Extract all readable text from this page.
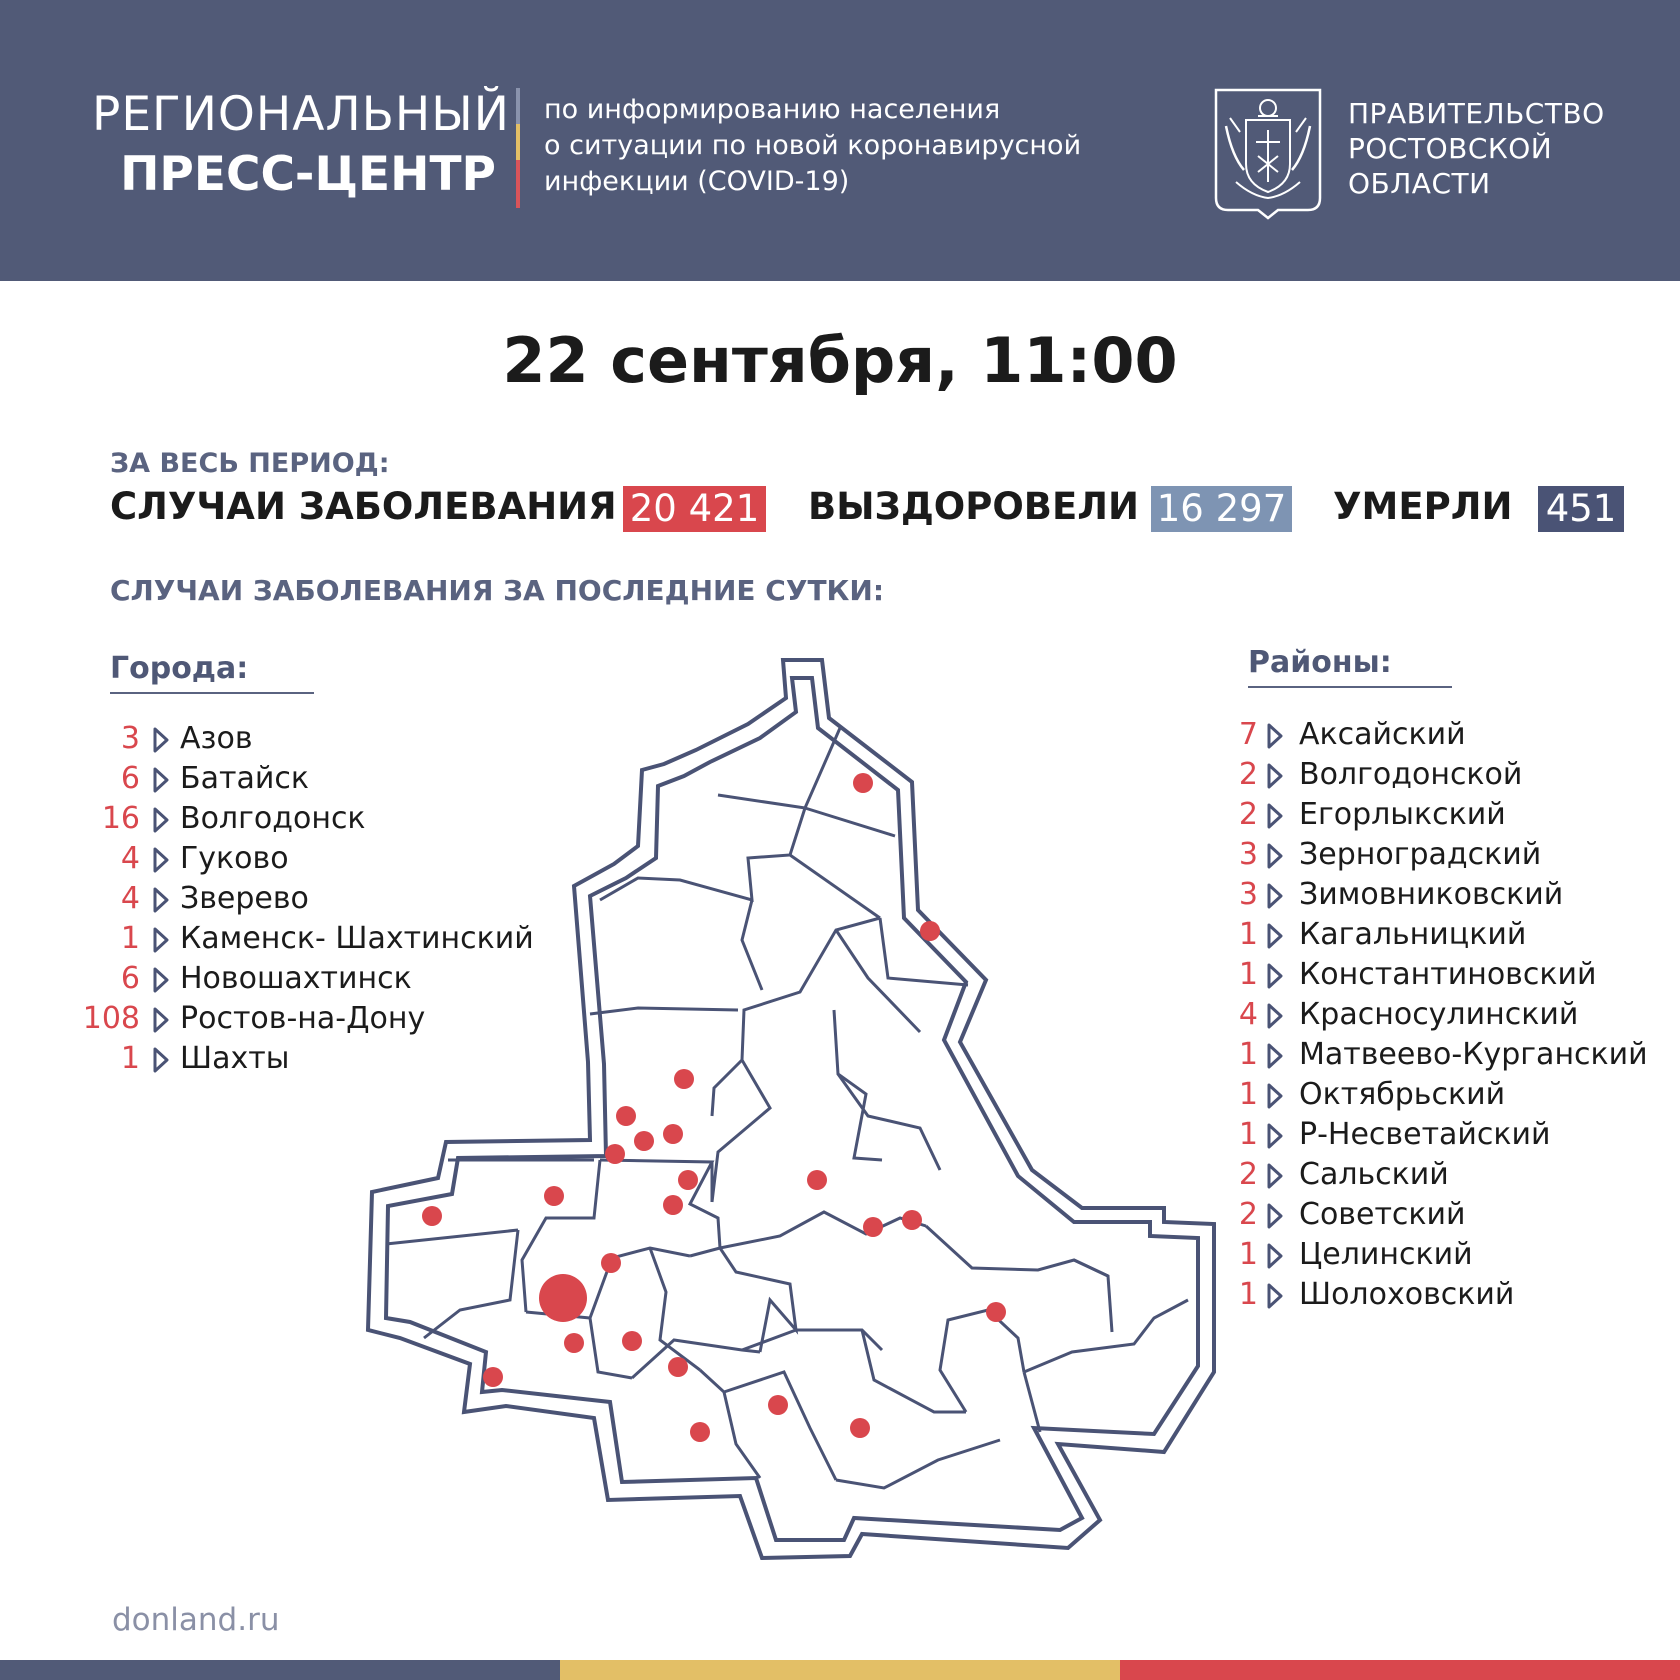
РЕГИОНАЛЬНЫЙ
ПРЕСС-ЦЕНТР
по информированию населения
о ситуации по новой коронавирусной
инфекции (COVID-19)
ПРАВИТЕЛЬСТВО
РОСТОВСКОЙ
ОБЛАСТИ
22 сентября, 11:00
ЗА ВЕСЬ ПЕРИОД:
СЛУЧАИ ЗАБОЛЕВАНИЯ 20 421 ВЫЗДОРОВЕЛИ 16 297 УМЕРЛИ 451
СЛУЧАИ ЗАБОЛЕВАНИЯ ЗА ПОСЛЕДНИЕ СУТКИ:
Города:
3 Азов
6 Батайск
16 Волгодонск
4 Гуково
4 Зверево
1 Каменск- Шахтинский
6 Новошахтинск
108 Ростов-на-Дону
1 Шахты
Районы:
7 Аксайский
2 Волгодонской
2 Егорлыкский
3 Зерноградский
3 Зимовниковский
1 Кагальницкий
1 Константиновский
4 Красносулинский
1 Матвеево-Курганский
1 Октябрьский
1 Р-Несветайский
2 Сальский
2 Советский
1 Целинский
1 Шолоховский
donland.ru
